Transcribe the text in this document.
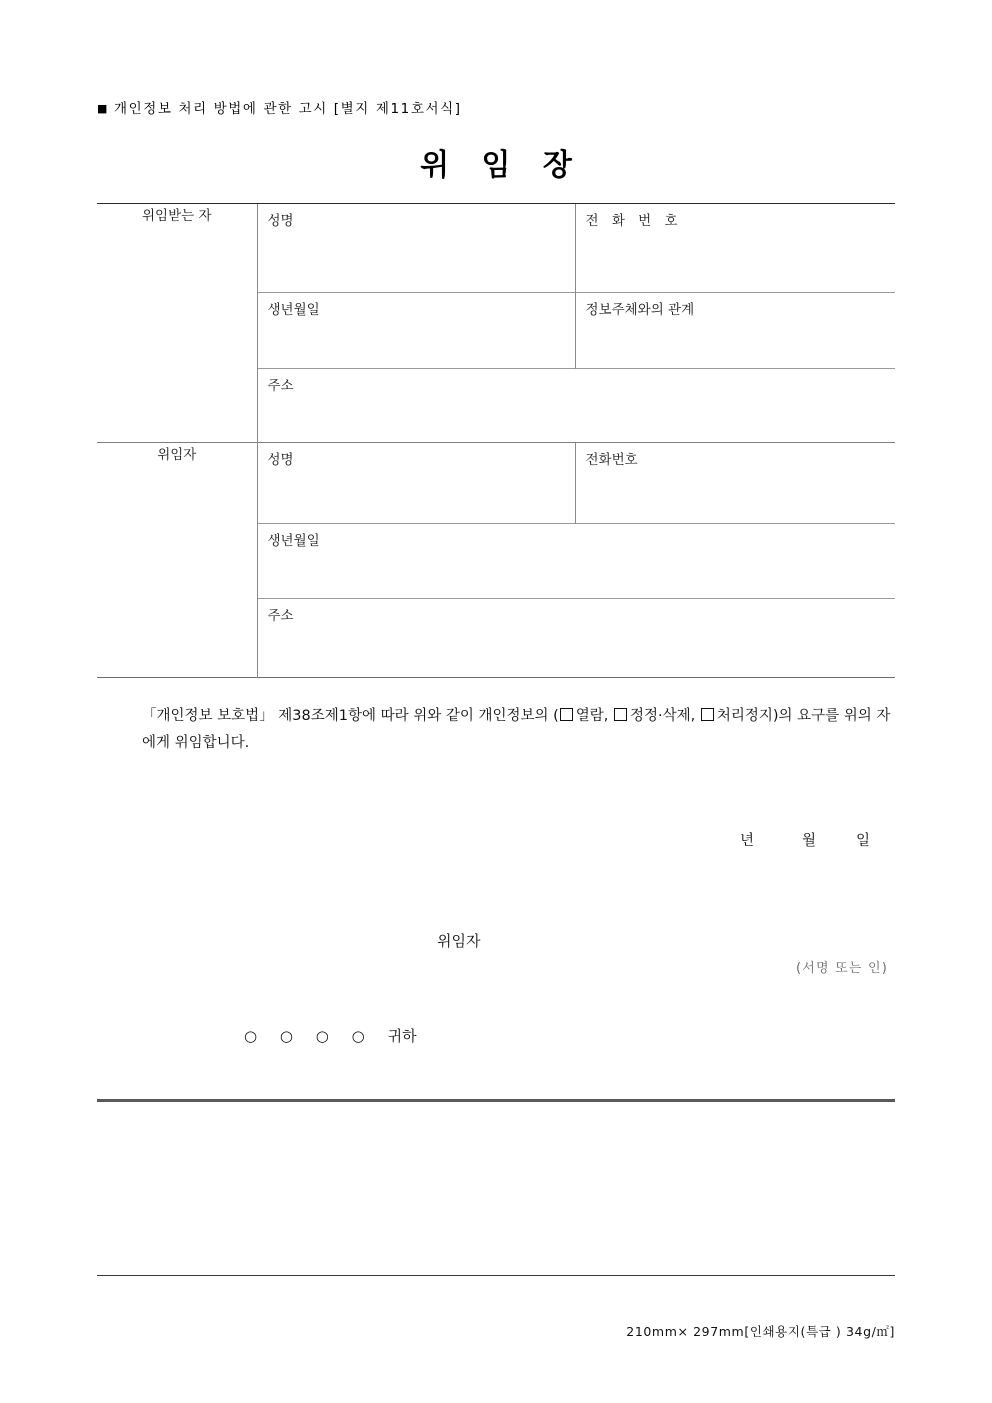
■ 개인정보 처리 방법에 관한 고시 [별지 제11호서식]
위 임 장
위임받는 자	성명	전 화 번 호

	생년월일	정보주체와의 관계

	주소	

위임자	성명	전화번호

	생년월일	

	주소	

「개인정보 보호법」 제38조제1항에 따라 위와 같이 개인정보의 ( 열람, 정정·삭제, 처리정지)의 요구를 위의 자에게 위임합니다.
년	월	일
위임자
(서명 또는 인)
○ ○ ○ ○ 귀하
210mm× 297mm[인쇄용지(특급 ) 34g/㎡]
